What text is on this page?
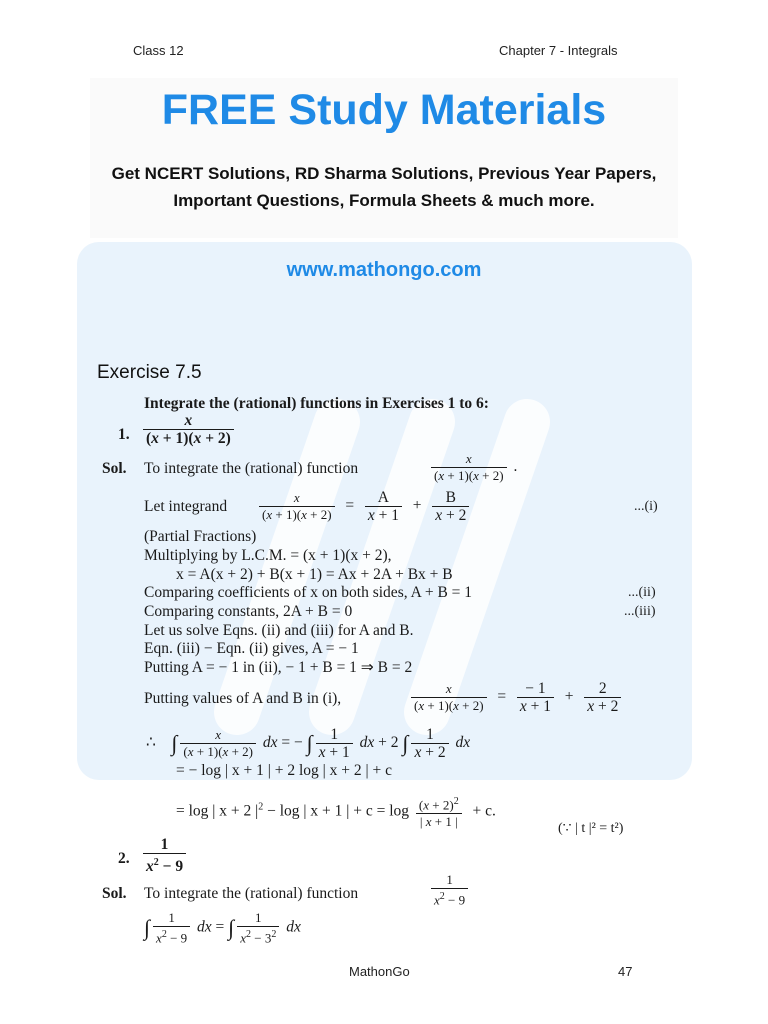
Class 12	Chapter 7 - Integrals
FREE Study Materials
Get NCERT Solutions, RD Sharma Solutions, Previous Year Papers,
Important Questions, Formula Sheets & much more.
www.mathongo.com
Exercise 7.5
Integrate the (rational) functions in Exercises 1 to 6:
1. $\frac{x}{(x + 1)(x + 2)}$
Sol. To integrate the (rational) function	$\frac{x}{(x + 1)(x + 2)}$ .
Let integrand $\frac{x}{(x + 1)(x + 2)} = \frac{A}{x + 1} + \frac{B}{x + 2}$	...(i)
(Partial Fractions)
Multiplying by L.C.M. = (x + 1)(x + 2),
x = A(x + 2) + B(x + 1) = Ax + 2A + Bx + B
Comparing coefficients of x on both sides, A + B = 1	...(ii)
Comparing constants, 2A + B = 0	...(iii)
Let us solve Eqns. (ii) and (iii) for A and B.
Eqn. (iii) − Eqn. (ii) gives, A = − 1
Putting A = − 1 in (ii), − 1 + B = 1 ⇒ B = 2
Putting values of A and B in (i),	$\frac{x}{(x + 1)(x + 2)} = \frac{- 1}{x + 1} + \frac{2}{x + 2}$
∴    ∫ $\frac{x}{(x + 1)(x + 2)}$ dx = − ∫ $\frac{1}{x + 1}$ dx + 2 ∫ $\frac{1}{x + 2}$ dx
= − log | x + 1 | + 2 log | x + 2 | + c
= log | x + 2 $|^2 - \log$ | x + 1 | + $c = \log \frac{(x + 2)^2}{| x + 1 |} + c$.
(∵ | t |² = t²)
2. $\frac{1}{x^2 - 9}$
Sol. To integrate the (rational) function	$\frac{1}{x^2 - 9}$
∫ $\frac{1}{x^2 - 9}$ dx = ∫ $\frac{1}{x^2 - 3^2}$ dx
MathonGo	47
